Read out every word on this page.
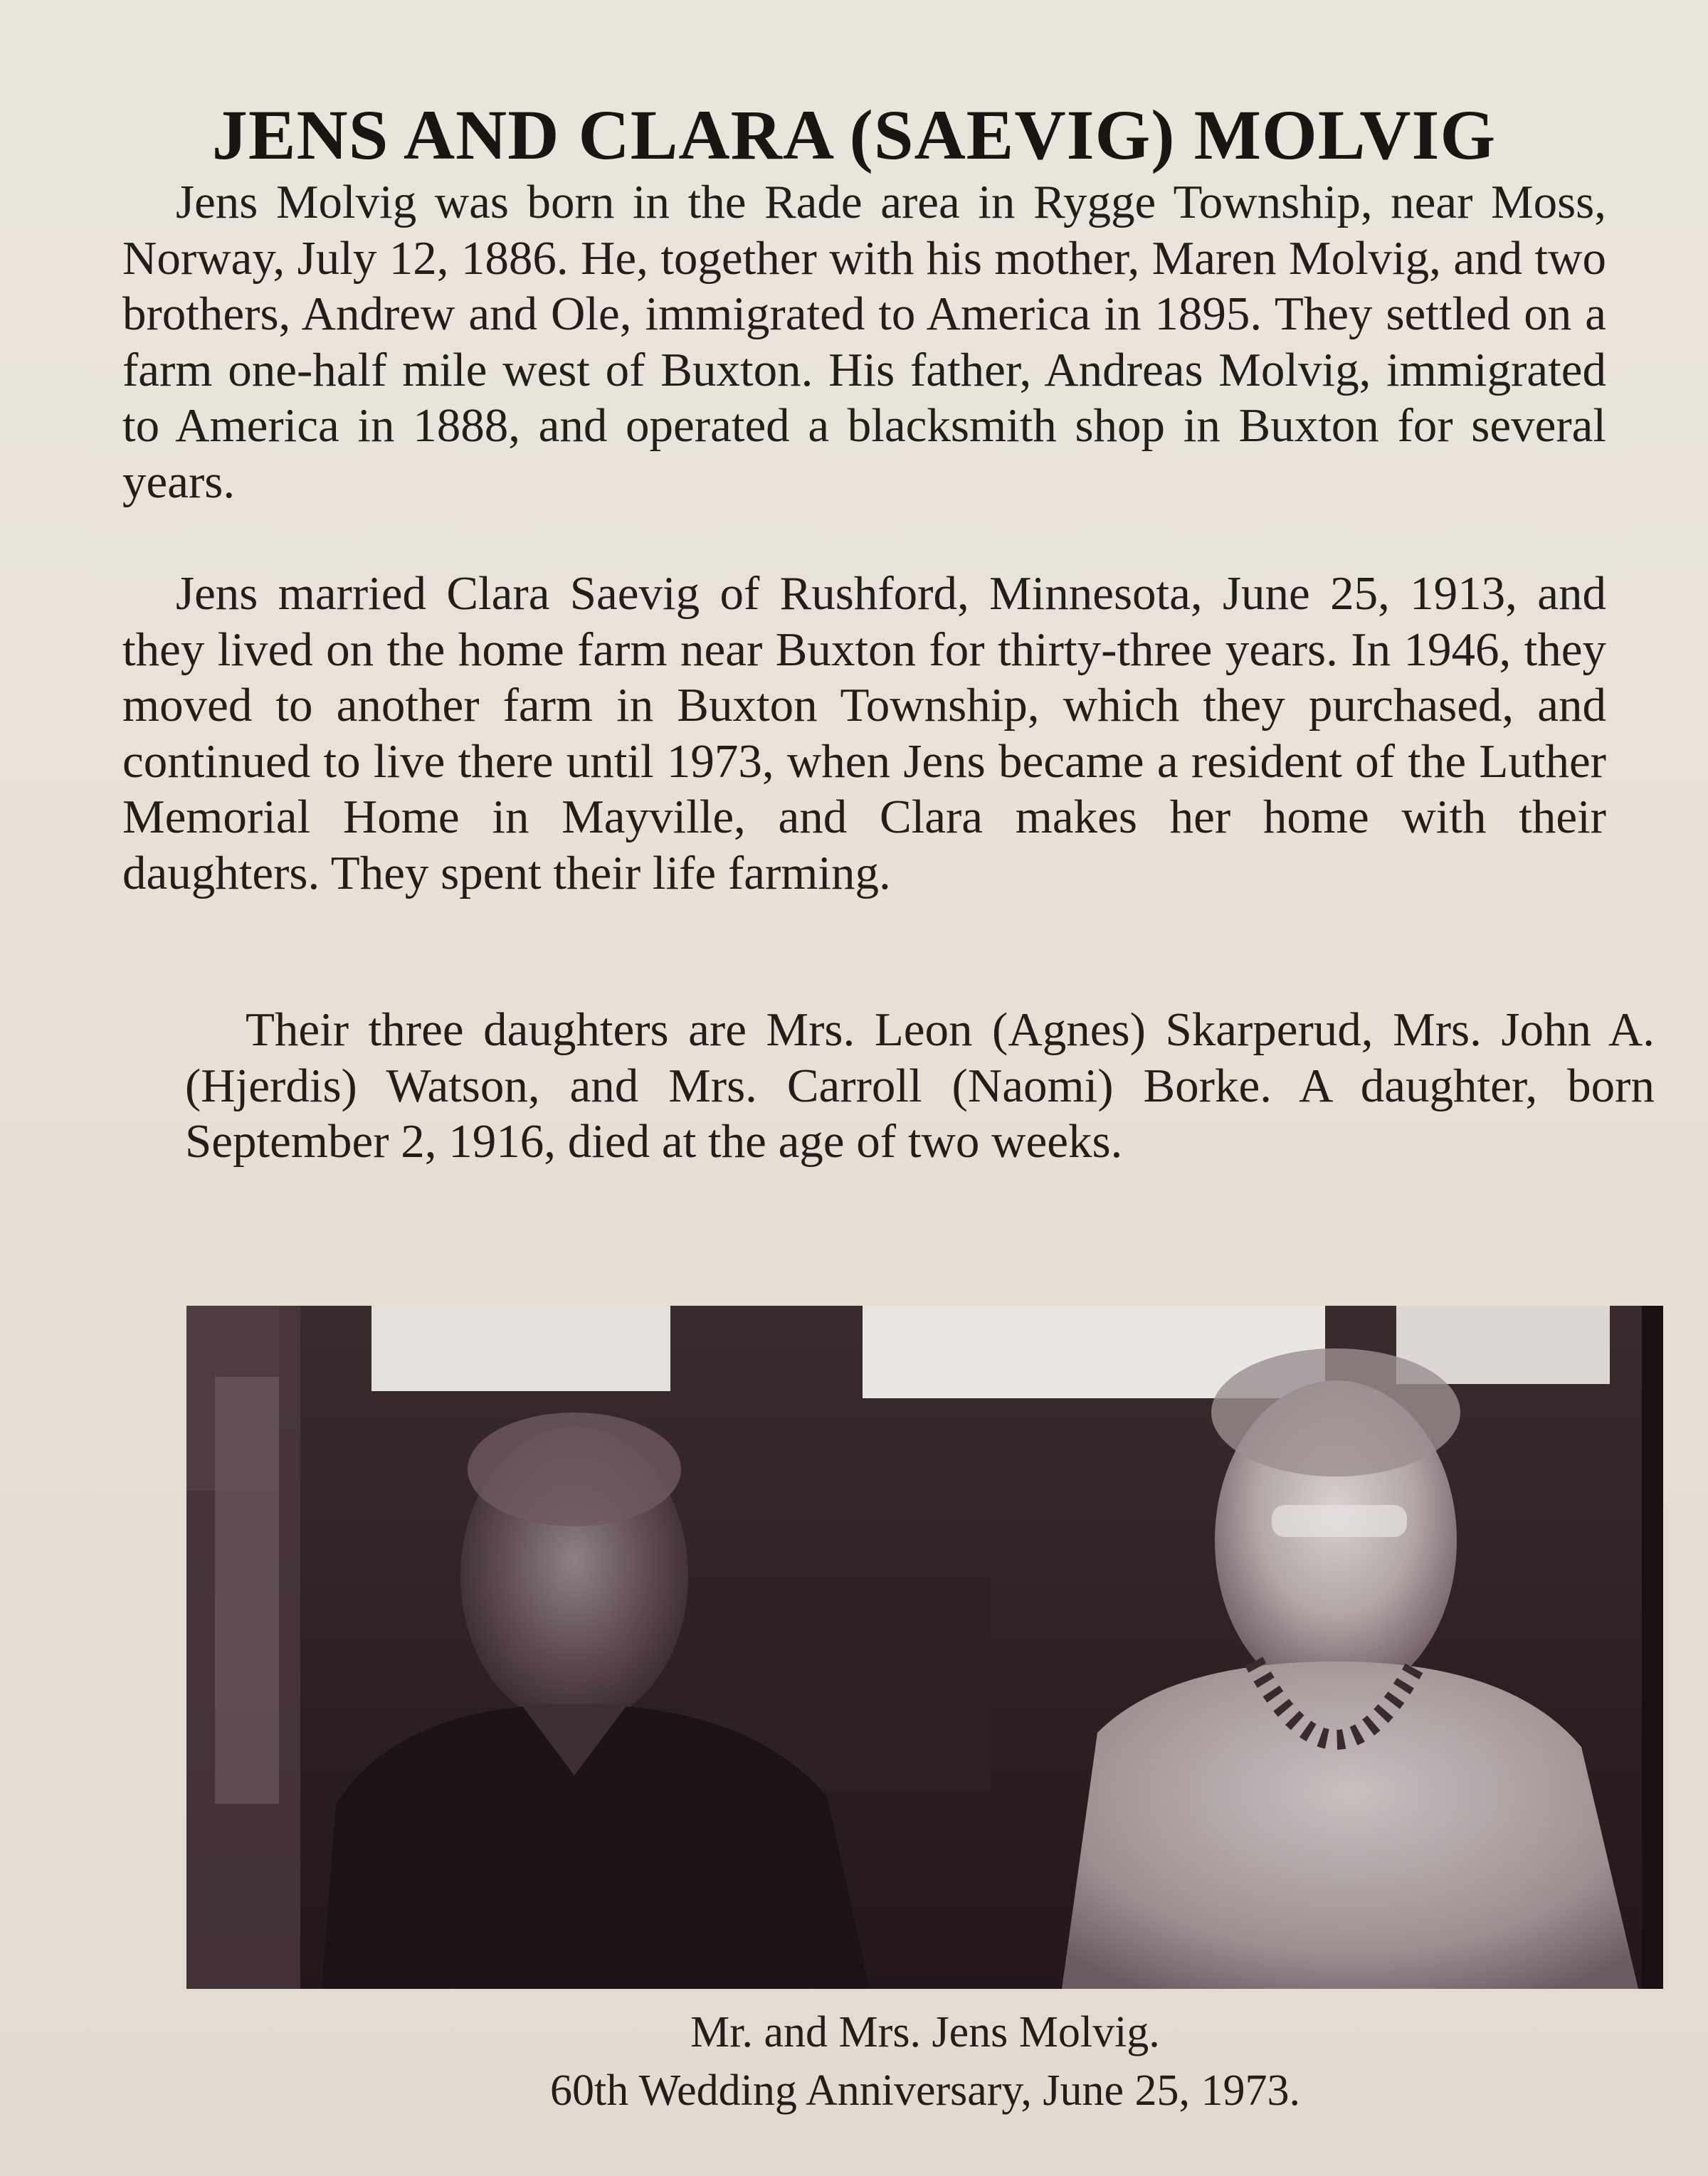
JENS AND CLARA (SAEVIG) MOLVIG

Jens Molvig was born in the Rade area in Rygge Township, near Moss, Norway, July 12, 1886. He, together with his mother, Maren Molvig, and two brothers, Andrew and Ole, immigrated to America in 1895. They settled on a farm one-half mile west of Buxton. His father, Andreas Molvig, immigrated to America in 1888, and operated a blacksmith shop in Buxton for several years.

Jens married Clara Saevig of Rushford, Minnesota, June 25, 1913, and they lived on the home farm near Buxton for thirty-three years. In 1946, they moved to another farm in Buxton Township, which they purchased, and continued to live there until 1973, when Jens became a resident of the Luther Memorial Home in Mayville, and Clara makes her home with their daughters. They spent their life farming.

Their three daughters are Mrs. Leon (Agnes) Skarperud, Mrs. John A. (Hjerdis) Watson, and Mrs. Carroll (Naomi) Borke. A daughter, born September 2, 1916, died at the age of two weeks.

Mr. and Mrs. Jens Molvig.
60th Wedding Anniversary, June 25, 1973.
